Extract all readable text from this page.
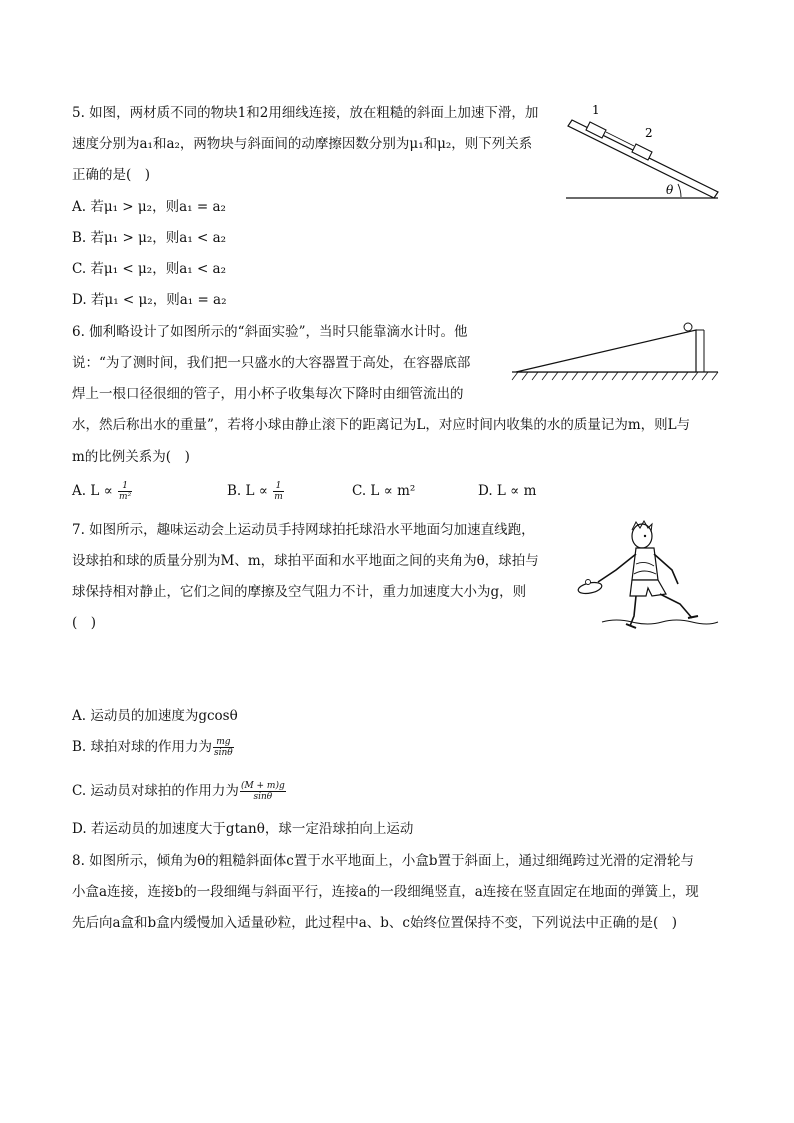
5. 如图，两材质不同的物块1和2用细线连接，放在粗糙的斜面上加速下滑，加
速度分别为a₁和a₂，两物块与斜面间的动摩擦因数分别为μ₁和μ₂，则下列关系
正确的是(　)
A. 若μ₁ > μ₂，则a₁ = a₂
B. 若μ₁ > μ₂，则a₁ < a₂
C. 若μ₁ < μ₂，则a₁ < a₂
D. 若μ₁ < μ₂，则a₁ = a₂
1
2
θ
6. 伽利略设计了如图所示的“斜面实验”，当时只能靠滴水计时。他
说：“为了测时间，我们把一只盛水的大容器置于高处，在容器底部
焊上一根口径很细的管子，用小杯子收集每次下降时由细管流出的
水，然后称出水的重量”，若将小球由静止滚下的距离记为L，对应时间内收集的水的质量记为m，则L与
m的比例关系为(　)
A. $L \propto \frac{1}{\text{m²}}$	B. $L \propto \frac{1}{m}$	C. L ∝ m²	D. L ∝ m
7. 如图所示，趣味运动会上运动员手持网球拍托球沿水平地面匀加速直线跑，
设球拍和球的质量分别为M、m，球拍平面和水平地面之间的夹角为θ，球拍与
球保持相对静止，它们之间的摩擦及空气阻力不计，重力加速度大小为g，则
(　)
A. 运动员的加速度为gcosθ
B. 球拍对球的作用力为 $\frac{mg}{\sin\theta}$
C. 运动员对球拍的作用力为 $\frac{(M + m)g}{\sin\theta}$
D. 若运动员的加速度大于gtanθ，球一定沿球拍向上运动
8. 如图所示，倾角为θ的粗糙斜面体c置于水平地面上，小盒b置于斜面上，通过细绳跨过光滑的定滑轮与
小盒a连接，连接b的一段细绳与斜面平行，连接a的一段细绳竖直，a连接在竖直固定在地面的弹簧上，现
先后向a盒和b盒内缓慢加入适量砂粒，此过程中a、b、c始终位置保持不变，下列说法中正确的是(　)
